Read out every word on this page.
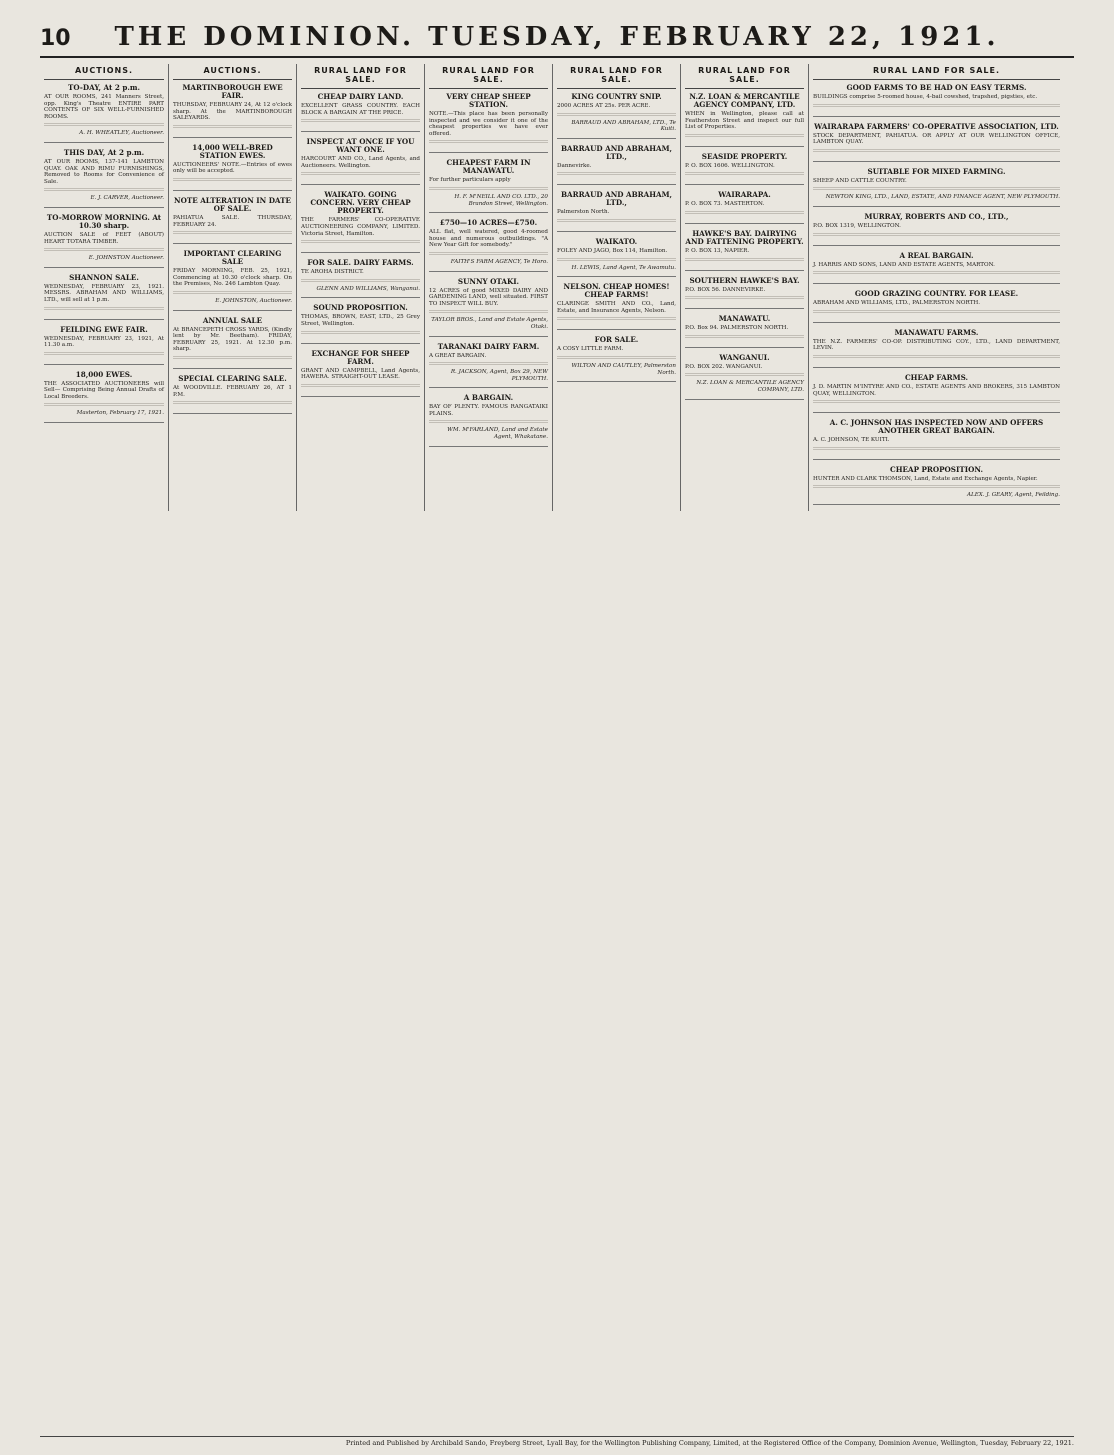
10 THE DOMINION. TUESDAY, FEBRUARY 22, 1921.
AUCTIONS.
TO-DAY, At 2 p.m.
AT OUR ROOMS, 241 Manners Street, opp. King's Theatre ENTIRE PART CONTENTS OF SIX WELL-FURNISHED ROOMS.
A. H. WHEATLEY, Auctioneer.
THIS DAY, At 2 p.m.
AT OUR ROOMS, 137-141 LAMBTON QUAY. OAK AND RIMU FURNISHINGS, Removed to Rooms for Convenience of Sale.
E. J. CARVER, Auctioneer.
TO-MORROW MORNING. At 10.30 sharp.
AUCTION SALE of FEET (ABOUT) HEART TOTARA TIMBER.
E. JOHNSTON Auctioneer.
SHANNON SALE.
WEDNESDAY, FEBRUARY 23, 1921. MESSRS. ABRAHAM AND WILLIAMS, LTD., will sell at 1 p.m.
FEILDING EWE FAIR.
WEDNESDAY, FEBRUARY 23, 1921, At 11.30 a.m.
18,000 EWES.
THE ASSOCIATED AUCTIONEERS will Sell— Comprising Being Annual Drafts of Local Breeders.
Masterton, February 17, 1921.
AUCTIONS.
MARTINBOROUGH EWE FAIR.
THURSDAY, FEBRUARY 24, At 12 o'clock sharp. At the MARTINBOROUGH SALEYARDS.
14,000 WELL-BRED STATION EWES.
AUCTIONEERS' NOTE.—Entries of ewes only will be accepted.
NOTE ALTERATION IN DATE OF SALE.
PAHIATUA SALE. THURSDAY, FEBRUARY 24.
IMPORTANT CLEARING SALE
FRIDAY MORNING, FEB. 25, 1921, Commencing at 10.30 o'clock sharp. On the Premises, No. 246 Lambton Quay.
E. JOHNSTON, Auctioneer.
ANNUAL SALE
At BRANCEPETH CROSS YARDS, (Kindly lent by Mr. Beetham). FRIDAY, FEBRUARY 25, 1921. At 12.30 p.m. sharp.
SPECIAL CLEARING SALE.
At WOODVILLE. FEBRUARY 26, AT 1 P.M.
RURAL LAND FOR SALE.
CHEAP DAIRY LAND.
EXCELLENT GRASS COUNTRY. EACH BLOCK A BARGAIN AT THE PRICE.
INSPECT AT ONCE IF YOU WANT ONE.
HARCOURT AND CO., Land Agents, and Auctioneers. Wellington.
WAIKATO. GOING CONCERN. VERY CHEAP PROPERTY.
THE FARMERS' CO-OPERATIVE AUCTIONEERING COMPANY, LIMITED. Victoria Street, Hamilton.
FOR SALE. DAIRY FARMS.
TE AROHA DISTRICT.
GLENN AND WILLIAMS, Wanganui.
SOUND PROPOSITION.
THOMAS, BROWN, EAST, LTD., 25 Grey Street, Wellington.
EXCHANGE FOR SHEEP FARM.
GRANT AND CAMPBELL, Land Agents, HAWERA. STRAIGHT-OUT LEASE.
RURAL LAND FOR SALE.
VERY CHEAP SHEEP STATION.
NOTE.—This place has been personally inspected and we consider it one of the cheapest properties we have ever offered.
CHEAPEST FARM IN MANAWATU.
For further particulars apply
H. F. M'NEILL AND CO. LTD., 20 Brandon Street, Wellington.
£750—10 ACRES—£750.
ALL flat, well watered, good 4-roomed house and numerous outbuildings. "A New Year Gift for somebody."
FAITH'S FARM AGENCY, Te Horo.
SUNNY OTAKI.
12 ACRES of good MIXED DAIRY AND GARDENING LAND, well situated. FIRST TO INSPECT WILL BUY.
TAYLOR BROS., Land and Estate Agents, Otaki.
TARANAKI DAIRY FARM.
A GREAT BARGAIN.
R. JACKSON, Agent, Box 29, NEW PLYMOUTH.
A BARGAIN.
BAY OF PLENTY. FAMOUS RANGATAIKI PLAINS.
WM. M'FARLAND, Land and Estate Agent, Whakatane.
RURAL LAND FOR SALE.
KING COUNTRY SNIP.
2000 ACRES AT 25s. PER ACRE.
BARRAUD AND ABRAHAM, LTD., Te Kuiti.
BARRAUD AND ABRAHAM, LTD.,
Dannevirke.
BARRAUD AND ABRAHAM, LTD.,
Palmerston North.
WAIKATO.
FOLEY AND JAGO, Box 114, Hamilton.
H. LEWIS, Land Agent, Te Awamutu.
NELSON. CHEAP HOMES! CHEAP FARMS!
CLARINGE SMITH AND CO., Land, Estate, and Insurance Agents, Nelson.
FOR SALE.
A COSY LITTLE FARM.
WILTON AND CAUTLEY, Palmerston North.
RURAL LAND FOR SALE.
N.Z. LOAN & MERCANTILE AGENCY COMPANY, LTD.
WHEN in Wellington, please call at Featherston Street and inspect our full List of Properties.
SEASIDE PROPERTY.
P. O. BOX 1606. WELLINGTON.
WAIRARAPA.
P. O. BOX 73. MASTERTON.
HAWKE'S BAY. DAIRYING AND FATTENING PROPERTY.
P. O. BOX 13, NAPIER.
SOUTHERN HAWKE'S BAY.
P.O. BOX 56. DANNEVIRKE.
MANAWATU.
P.O. Box 94. PALMERSTON NORTH.
WANGANUI.
P.O. BOX 202. WANGANUI.
N.Z. LOAN & MERCANTILE AGENCY COMPANY, LTD.
RURAL LAND FOR SALE.
GOOD FARMS TO BE HAD ON EASY TERMS.
BUILDINGS comprise 5-roomed house, 4-bail cowshed, trapshed, pigsties, etc.
WAIRARAPA FARMERS' CO-OPERATIVE ASSOCIATION, LTD.
STOCK DEPARTMENT, PAHIATUA. OR APPLY AT OUR WELLINGTON OFFICE, LAMBTON QUAY.
SUITABLE FOR MIXED FARMING.
SHEEP AND CATTLE COUNTRY.
NEWTON KING, LTD., LAND, ESTATE, AND FINANCE AGENT, NEW PLYMOUTH.
MURRAY, ROBERTS AND CO., LTD.,
P.O. BOX 1319, WELLINGTON.
A REAL BARGAIN.
J. HARRIS AND SONS, LAND AND ESTATE AGENTS, MARTON.
GOOD GRAZING COUNTRY. FOR LEASE.
ABRAHAM AND WILLIAMS, LTD., PALMERSTON NORTH.
MANAWATU FARMS.
THE N.Z. FARMERS' CO-OP. DISTRIBUTING COY., LTD., LAND DEPARTMENT, LEVIN.
CHEAP FARMS.
J. D. MARTIN M'INTYRE AND CO., ESTATE AGENTS AND BROKERS, 315 LAMBTON QUAY, WELLINGTON.
A. C. JOHNSON HAS INSPECTED NOW AND OFFERS ANOTHER GREAT BARGAIN.
A. C. JOHNSON, TE KUITI.
CHEAP PROPOSITION.
HUNTER AND CLARK THOMSON, Land, Estate and Exchange Agents, Napier.
ALEX. J. GEARY, Agent, Feilding.
Printed and Published by Archibald Sando, Freyberg Street, Lyall Bay, for the Wellington Publishing Company, Limited, at the Registered Office of the Company, Dominion Avenue, Wellington, Tuesday, February 22, 1921.
